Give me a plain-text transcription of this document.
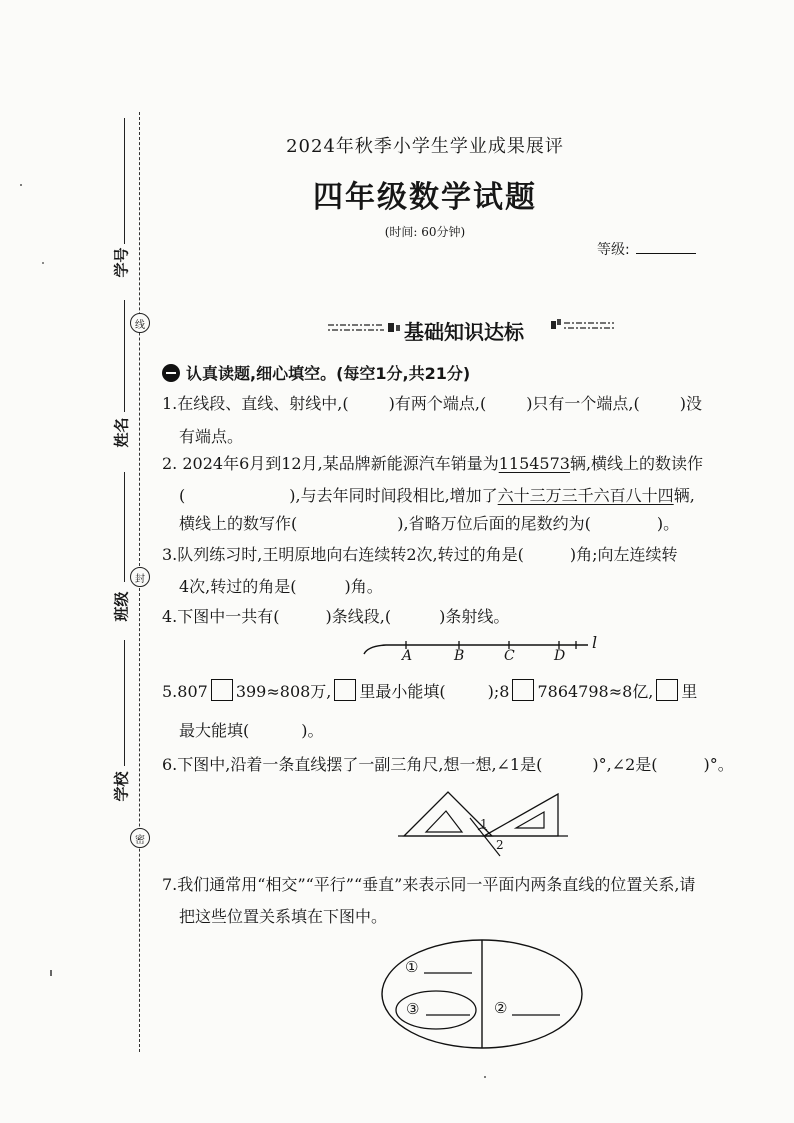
学号
线
姓名
封
班级
学校
密
2024年秋季小学生学业成果展评
四年级数学试题
(时间: 60分钟)
等级:
基础知识达标
认真读题,细心填空。(每空1分,共21分)
1.在线段、直线、射线中,(	)有两个端点,(	)只有一个端点,(	)没
有端点。
2. 2024年6月到12月,某品牌新能源汽车销量为1154573辆,横线上的数读作
(	),与去年同时间段相比,增加了六十三万三千六百八十四辆,
横线上的数写作(	),省略万位后面的尾数约为(	)。
3.队列练习时,王明原地向右连续转2次,转过的角是(	)角;向左连续转
4次,转过的角是(	)角。
4.下图中一共有(	)条线段,(	)条射线。
A	B	C	D
l
5.807 399≈808万, 里最小能填(	);8 7864798≈8亿, 里
最大能填(	)。
6.下图中,沿着一条直线摆了一副三角尺,想一想,∠1是(	)°,∠2是(	)°。
1
2
7.我们通常用“相交”“平行”“垂直”来表示同一平面内两条直线的位置关系,请
把这些位置关系填在下图中。
①
②
③
